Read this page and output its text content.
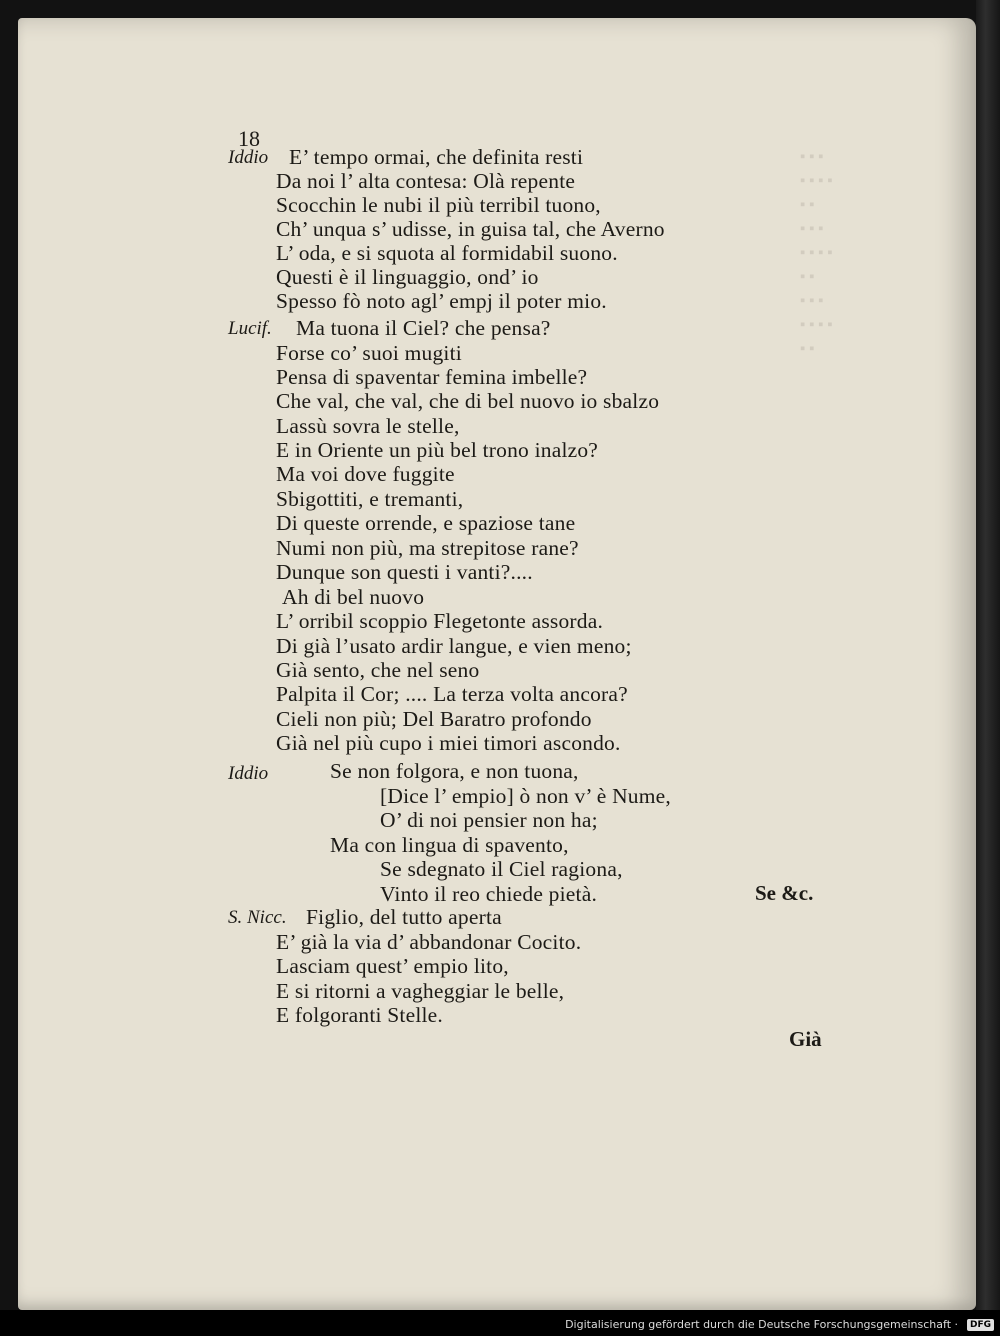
▪ ▪ ▪
▪ ▪ ▪ ▪
▪ ▪
▪ ▪ ▪
▪ ▪ ▪ ▪
▪ ▪
▪ ▪ ▪
▪ ▪ ▪ ▪
▪ ▪
18
Iddio
Lucif.
Iddio
S. Nicc.
E’ tempo ormai, che definita resti
Da noi l’ alta contesa: Olà repente
Scocchin le nubi il più terribil tuono,
Ch’ unqua s’ udisse, in guisa tal, che Averno
L’ oda, e si squota al formidabil suono.
Questi è il linguaggio, ond’ io
Spesso fò noto agl’ empj il poter mio.
Ma tuona il Ciel? che pensa?
Forse co’ suoi mugiti
Pensa di spaventar femina imbelle?
Che val, che val, che di bel nuovo io sbalzo
Lassù sovra le stelle,
E in Oriente un più bel trono inalzo?
Ma voi dove fuggite
Sbigottiti, e tremanti,
Di queste orrende, e spaziose tane
Numi non più, ma strepitose rane?
Dunque son questi i vanti?....
Ah di bel nuovo
L’ orribil scoppio Flegetonte assorda.
Di già l’usato ardir langue, e vien meno;
Già sento, che nel seno
Palpita il Cor; .... La terza volta ancora?
Cieli non più; Del Baratro profondo
Già nel più cupo i miei timori ascondo.
Se non folgora, e non tuona,
[Dice l’ empio] ò non v’ è Nume,
O’ di noi pensier non ha;
Ma con lingua di spavento,
Se sdegnato il Ciel ragiona,
Vinto il reo chiede pietà.	Se &c.
Figlio, del tutto aperta
E’ già la via d’ abbandonar Cocito.
Lasciam quest’ empio lito,
E si ritorni a vagheggiar le belle,
E folgoranti Stelle.
Già
Digitalisierung gefördert durch die Deutsche Forschungsgemeinschaft ·	DFG
